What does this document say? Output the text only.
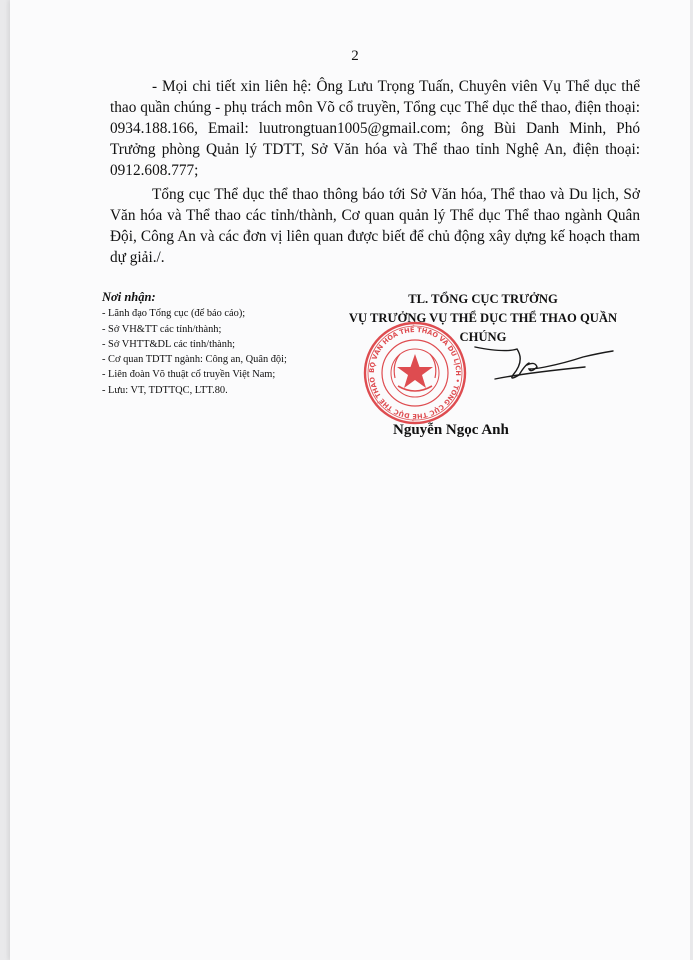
2

- Mọi chi tiết xin liên hệ: Ông Lưu Trọng Tuấn, Chuyên viên Vụ Thể dục thể thao quần chúng - phụ trách môn Võ cổ truyền, Tổng cục Thể dục thể thao, điện thoại: 0934.188.166, Email: luutrongtuan1005@gmail.com; ông Bùi Danh Minh, Phó Trưởng phòng Quản lý TDTT, Sở Văn hóa và Thể thao tỉnh Nghệ An, điện thoại: 0912.608.777;

Tổng cục Thể dục thể thao thông báo tới Sở Văn hóa, Thể thao và Du lịch, Sở Văn hóa và Thể thao các tỉnh/thành, Cơ quan quản lý Thể dục Thể thao ngành Quân Đội, Công An và các đơn vị liên quan được biết để chủ động xây dựng kế hoạch tham dự giải./.

Nơi nhận:
- Lãnh đạo Tổng cục (để báo cáo);
- Sở VH&TT các tỉnh/thành;
- Sở VHTT&DL các tỉnh/thành;
- Cơ quan TDTT ngành: Công an, Quân đội;
- Liên đoàn Võ thuật cổ truyền Việt Nam;
- Lưu: VT, TDTTQC, LTT.80.
TL. TỔNG CỤC TRƯỞNG
VỤ TRƯỞNG VỤ THỂ DỤC THỂ THAO QUẦN CHÚNG
BỘ VĂN HÓA THỂ THAO VÀ DU LỊCH • TỔNG CỤC THỂ DỤC THỂ THAO
Nguyễn Ngọc Anh
